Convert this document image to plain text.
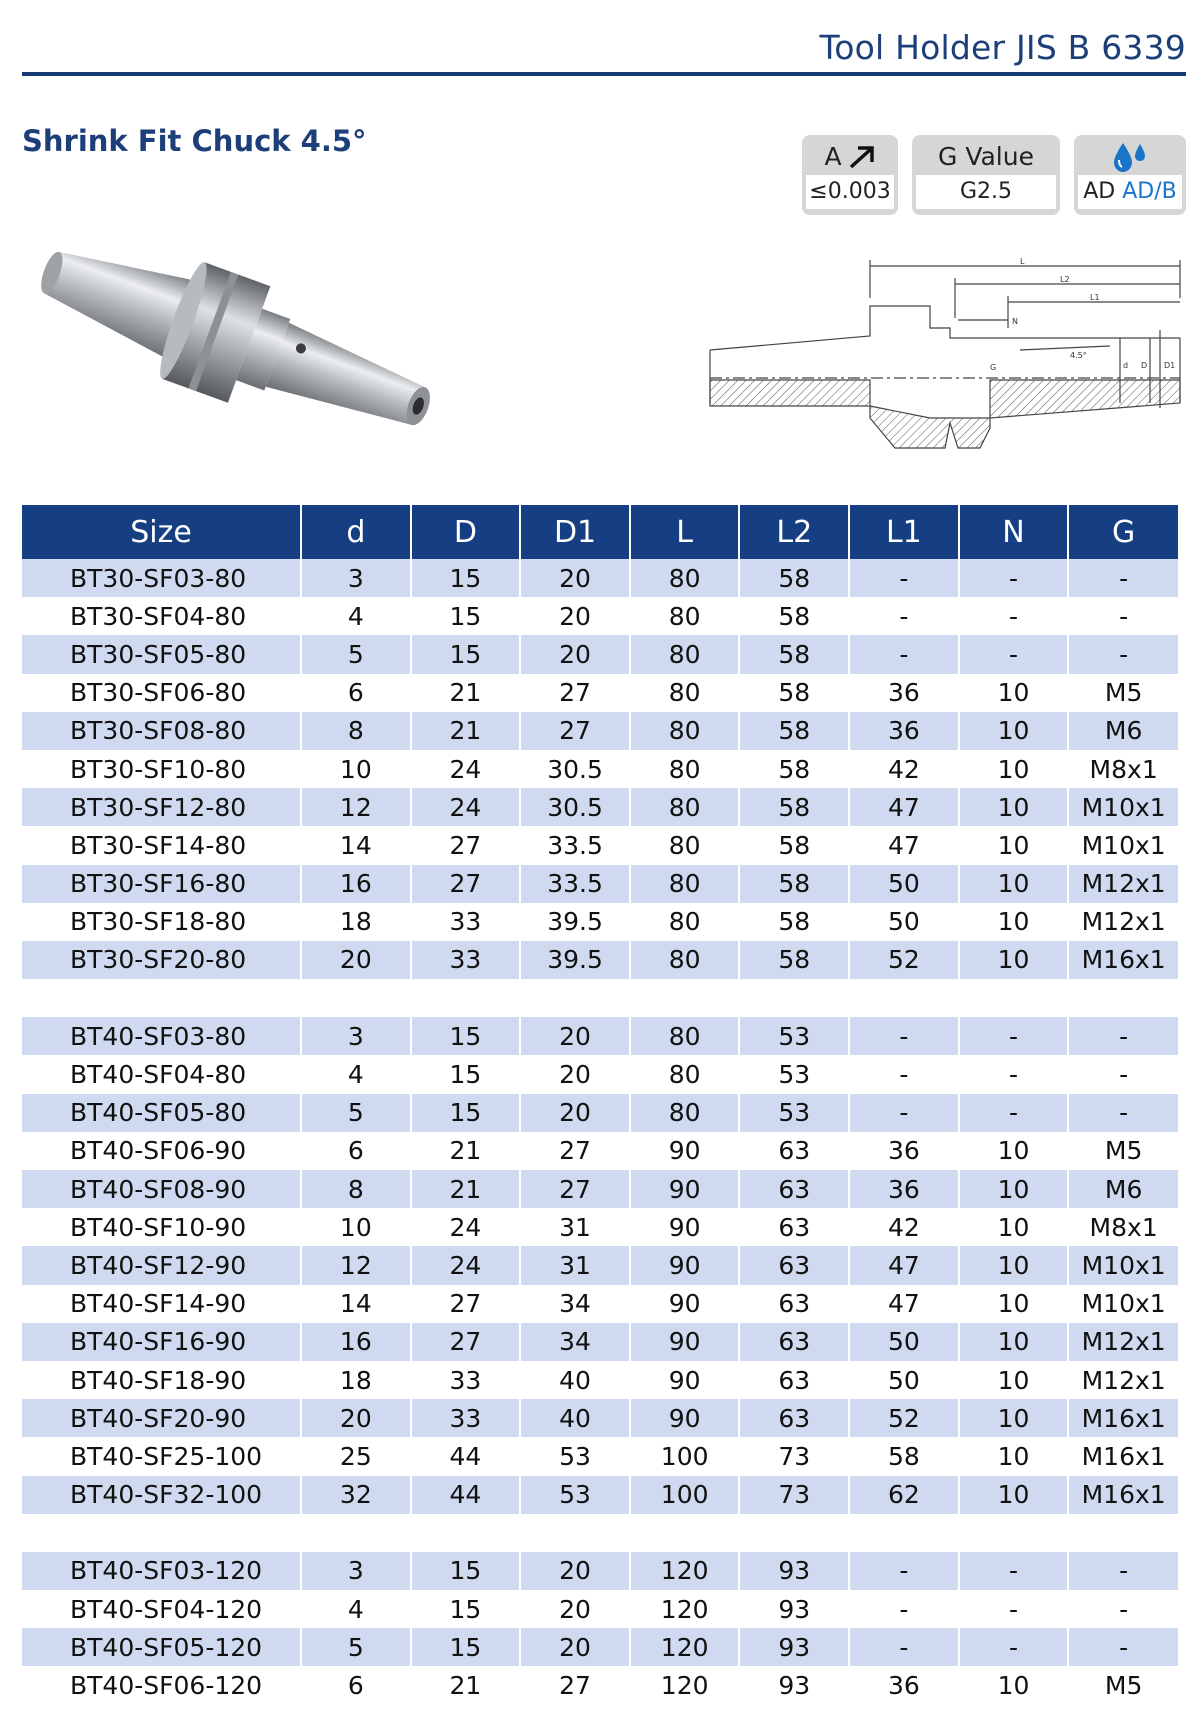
Tool Holder JIS B 6339
Shrink Fit Chuck 4.5°	A
≤0.003
G Value
G2.5	AD AD/B
L
L2
L1
N
G
4.5°
d D D1
Size	d	D	D1	L	L2	L1	N	G
BT30-SF03-80	3	15	20	80	58	-	-	-
BT30-SF04-80	4	15	20	80	58	-	-	-
BT30-SF05-80	5	15	20	80	58	-	-	-
BT30-SF06-80	6	21	27	80	58	36	10	M5
BT30-SF08-80	8	21	27	80	58	36	10	M6
BT30-SF10-80	10	24	30.5	80	58	42	10	M8x1
BT30-SF12-80	12	24	30.5	80	58	47	10	M10x1
BT30-SF14-80	14	27	33.5	80	58	47	10	M10x1
BT30-SF16-80	16	27	33.5	80	58	50	10	M12x1
BT30-SF18-80	18	33	39.5	80	58	50	10	M12x1
BT30-SF20-80	20	33	39.5	80	58	52	10	M16x1

BT40-SF03-80	3	15	20	80	53	-	-	-
BT40-SF04-80	4	15	20	80	53	-	-	-
BT40-SF05-80	5	15	20	80	53	-	-	-
BT40-SF06-90	6	21	27	90	63	36	10	M5
BT40-SF08-90	8	21	27	90	63	36	10	M6
BT40-SF10-90	10	24	31	90	63	42	10	M8x1
BT40-SF12-90	12	24	31	90	63	47	10	M10x1
BT40-SF14-90	14	27	34	90	63	47	10	M10x1
BT40-SF16-90	16	27	34	90	63	50	10	M12x1
BT40-SF18-90	18	33	40	90	63	50	10	M12x1
BT40-SF20-90	20	33	40	90	63	52	10	M16x1
BT40-SF25-100	25	44	53	100	73	58	10	M16x1
BT40-SF32-100	32	44	53	100	73	62	10	M16x1

BT40-SF03-120	3	15	20	120	93	-	-	-
BT40-SF04-120	4	15	20	120	93	-	-	-
BT40-SF05-120	5	15	20	120	93	-	-	-
BT40-SF06-120	6	21	27	120	93	36	10	M5
